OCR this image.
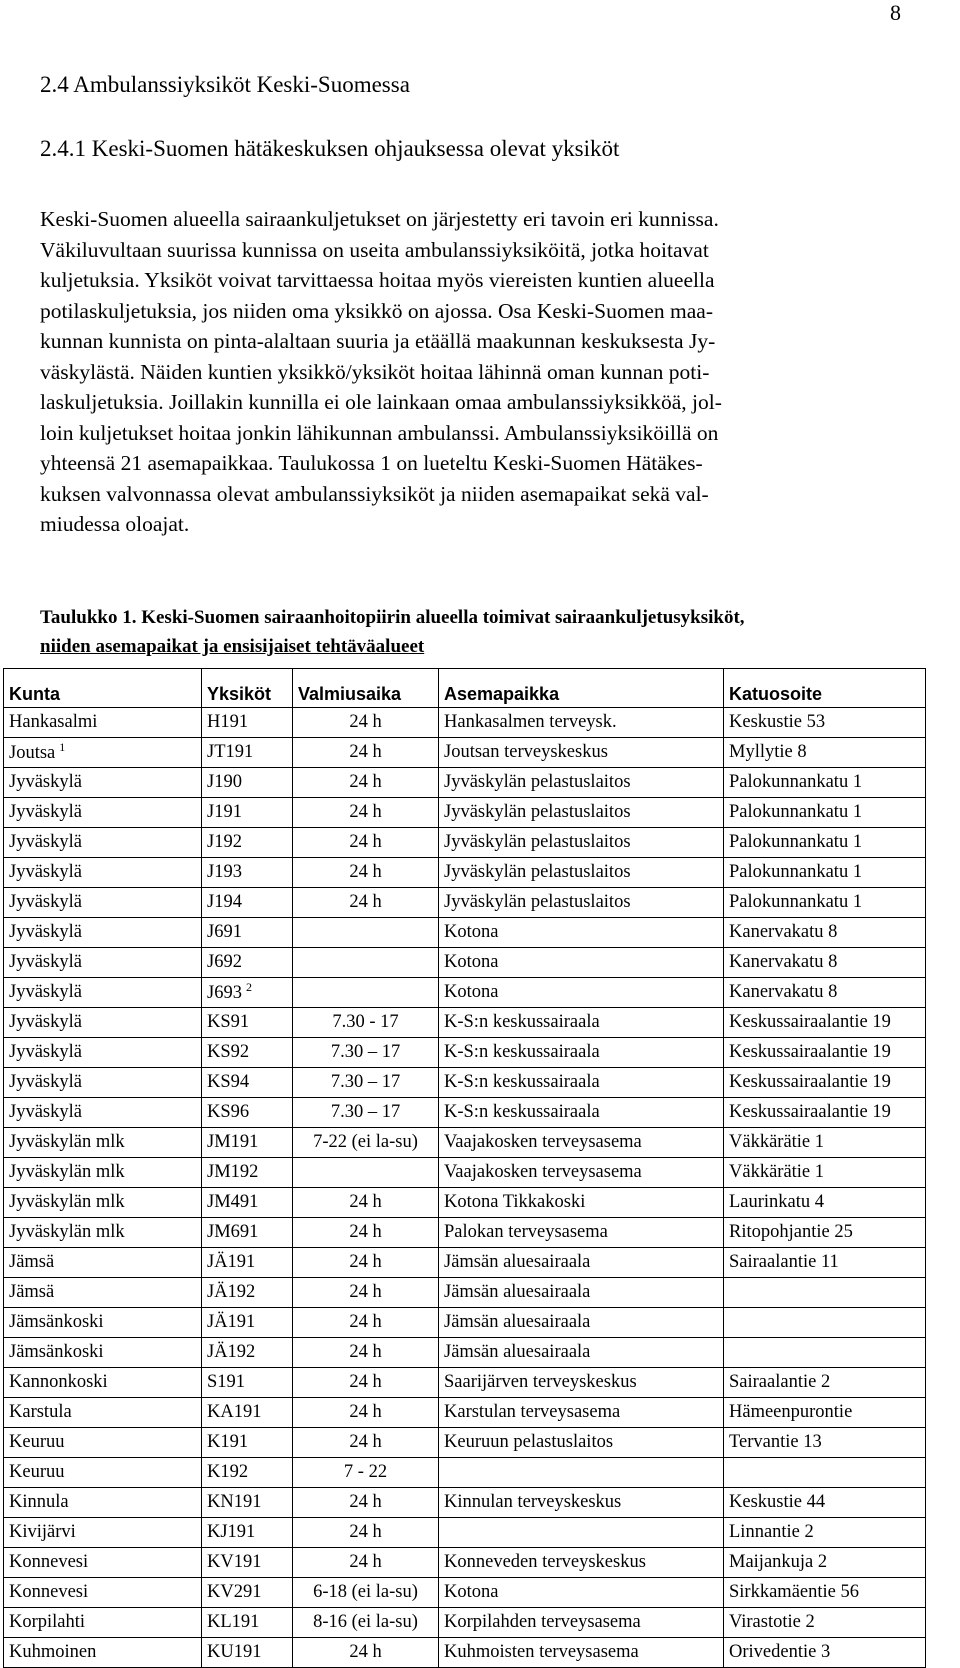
8
2.4 Ambulanssiyksiköt Keski-Suomessa
2.4.1 Keski-Suomen hätäkeskuksen ohjauksessa olevat yksiköt

Keski-Suomen alueella sairaankuljetukset on järjestetty eri tavoin eri kunnissa.
Väkiluvultaan suurissa kunnissa on useita ambulanssiyksiköitä, jotka hoitavat
kuljetuksia. Yksiköt voivat tarvittaessa hoitaa myös viereisten kuntien alueella
potilaskuljetuksia, jos niiden oma yksikkö on ajossa. Osa Keski-Suomen maa-
kunnan kunnista on pinta-alaltaan suuria ja etäällä maakunnan keskuksesta Jy-
väskylästä. Näiden kuntien yksikkö/yksiköt hoitaa lähinnä oman kunnan poti-
laskuljetuksia. Joillakin kunnilla ei ole lainkaan omaa ambulanssiyksikköä, jol-
loin kuljetukset hoitaa jonkin lähikunnan ambulanssi. Ambulanssiyksiköillä on
yhteensä 21 asemapaikkaa. Taulukossa 1 on lueteltu Keski-Suomen Hätäkes-
kuksen valvonnassa olevat ambulanssiyksiköt ja niiden asemapaikat sekä val-
miudessa oloajat.

Taulukko 1. Keski-Suomen sairaanhoitopiirin alueella toimivat sairaankuljetusyksiköt,
niiden asemapaikat ja ensisijaiset tehtäväalueet
Kunta	Yksiköt	Valmiusaika	Asemapaikka	Katuosoite
Hankasalmi	H191	24 h	Hankasalmen terveysk.	Keskustie 53
Joutsa $^1$	JT191	24 h	Joutsan terveyskeskus	Myllytie 8
Jyväskylä	J190	24 h	Jyväskylän pelastuslaitos	Palokunnankatu 1
Jyväskylä	J191	24 h	Jyväskylän pelastuslaitos	Palokunnankatu 1
Jyväskylä	J192	24 h	Jyväskylän pelastuslaitos	Palokunnankatu 1
Jyväskylä	J193	24 h	Jyväskylän pelastuslaitos	Palokunnankatu 1
Jyväskylä	J194	24 h	Jyväskylän pelastuslaitos	Palokunnankatu 1
Jyväskylä	J691		Kotona	Kanervakatu 8
Jyväskylä	J692		Kotona	Kanervakatu 8
Jyväskylä	J693 $^2$		Kotona	Kanervakatu 8
Jyväskylä	KS91	7.30 - 17	K-S:n keskussairaala	Keskussairaalantie 19
Jyväskylä	KS92	7.30 – 17	K-S:n keskussairaala	Keskussairaalantie 19
Jyväskylä	KS94	7.30 – 17	K-S:n keskussairaala	Keskussairaalantie 19
Jyväskylä	KS96	7.30 – 17	K-S:n keskussairaala	Keskussairaalantie 19
Jyväskylän mlk	JM191	7-22 (ei la-su)	Vaajakosken terveysasema	Väkkärätie 1
Jyväskylän mlk	JM192		Vaajakosken terveysasema	Väkkärätie 1
Jyväskylän mlk	JM491	24 h	Kotona Tikkakoski	Laurinkatu 4
Jyväskylän mlk	JM691	24 h	Palokan terveysasema	Ritopohjantie 25
Jämsä	JÄ191	24 h	Jämsän aluesairaala	Sairaalantie 11
Jämsä	JÄ192	24 h	Jämsän aluesairaala	
Jämsänkoski	JÄ191	24 h	Jämsän aluesairaala	
Jämsänkoski	JÄ192	24 h	Jämsän aluesairaala	
Kannonkoski	S191	24 h	Saarijärven terveyskeskus	Sairaalantie 2
Karstula	KA191	24 h	Karstulan terveysasema	Hämeenpurontie
Keuruu	K191	24 h	Keuruun pelastuslaitos	Tervantie 13
Keuruu	K192	7 - 22		
Kinnula	KN191	24 h	Kinnulan terveyskeskus	Keskustie 44
Kivijärvi	KJ191	24 h		Linnantie 2
Konnevesi	KV191	24 h	Konneveden terveyskeskus	Maijankuja 2
Konnevesi	KV291	6-18 (ei la-su)	Kotona	Sirkkamäentie 56
Korpilahti	KL191	8-16 (ei la-su)	Korpilahden terveysasema	Virastotie 2
Kuhmoinen	KU191	24 h	Kuhmoisten terveysasema	Orivedentie 3
